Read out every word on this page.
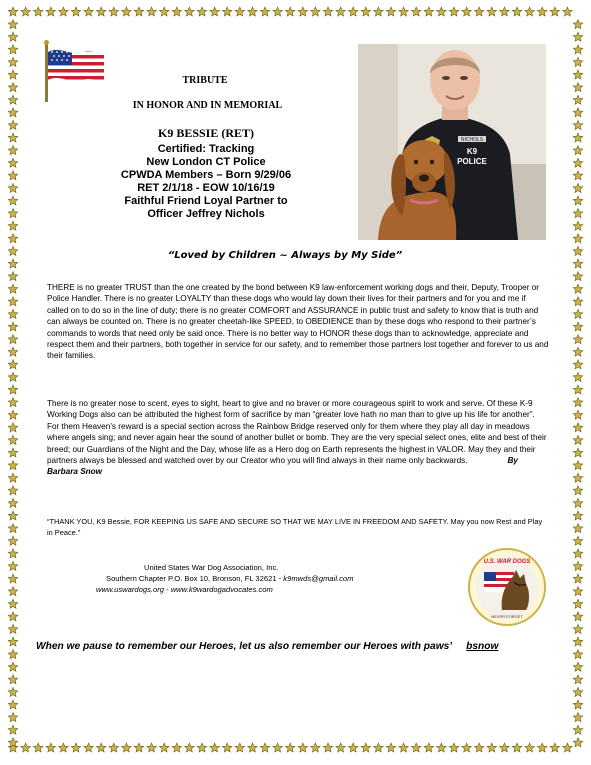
TRIBUTE
IN HONOR AND IN MEMORIAL
NICHOLS
K9
POLICE
K9 BESSIE (RET)
Certified: Tracking
New London CT Police
CPWDA Members – Born 9/29/06
RET 2/1/18 - EOW 10/16/19
Faithful Friend Loyal Partner to
Officer Jeffrey Nichols
“Loved by Children ~ Always by My Side”
THERE is no greater TRUST than the one created by the bond between K9 law-enforcement working dogs and their, Deputy, Trooper or Police Handler. There is no greater LOYALTY than these dogs who would lay down their lives for their partners and for you and me if called on to do so in the line of duty; there is no greater COMFORT and ASSURANCE in public trust and safety to know that is truth and can always be counted on. There is no greater cheetah-like SPEED, to OBEDIENCE than by these dogs who respond to their partner’s commands to words that need only be said once. There is no better way to HONOR these dogs than to acknowledge, appreciate and respect them and their partners, both together in service for our safety, and to remember those partners lost together and forever to us and their families.
There is no greater nose to scent, eyes to sight, heart to give and no braver or more courageous spirit to work and serve. Of these K-9 Working Dogs also can be attributed the highest form of sacrifice by man “greater love hath no man than to give up his life for another”. For them Heaven’s reward is a special section across the Rainbow Bridge reserved only for them where they play all day in meadows where angels sing; and never again hear the sound of another bullet or bomb. They are the very special select ones, elite and best of their breed; our Guardians of the Night and the Day, whose life as a Hero dog on Earth represents the highest in VALOR. May they and their partners always be blessed and watched over by our Creator who you will find always in their name only backwards.	By Barbara Snow
“THANK YOU, K9 Bessie, FOR KEEPING US SAFE AND SECURE SO THAT WE MAY LIVE IN FREEDOM AND SAFETY. May you now Rest and Play in Peace.”
United States War Dog Association, Inc.
Southern Chapter P.O. Box 10, Bronson, FL 32621 - k9mwds@gmail.com
www.uswardogs.org - www.k9wardogadvocates.com
U.S. WAR DOGS
NEVER FORGET
When we pause to remember our Heroes, let us also remember our Heroes with paws’ bsnow
